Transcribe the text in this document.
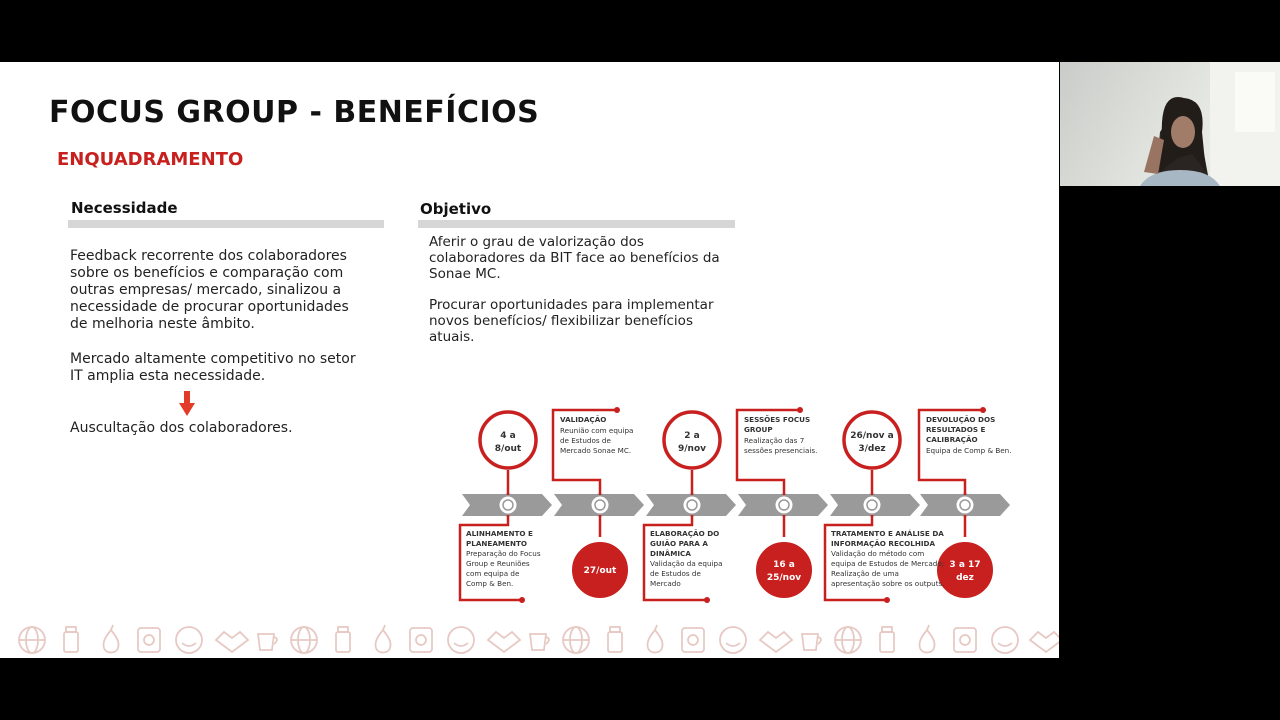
FOCUS GROUP - BENEFÍCIOS
ENQUADRAMENTO
Necessidade

Feedback recorrente dos colaboradores
sobre os benefícios e comparação com
outras empresas/ mercado, sinalizou a
necessidade de procurar oportunidades
de melhoria neste âmbito.

Mercado altamente competitivo no setor
IT amplia esta necessidade.

Auscultação dos colaboradores.

Objetivo

Aferir o grau de valorização dos
colaboradores da BIT face ao benefícios da
Sonae MC.

Procurar oportunidades para implementar
novos benefícios/ flexibilizar benefícios
atuais.

4 a
8/out
2 a
9/nov
26/nov a
3/dez
27/out
16 a
25/nov
3 a 17
dez
VALIDAÇÃO
Reunião com equipa
de Estudos de
Mercado Sonae MC.
SESSÕES FOCUS
GROUP
Realização das 7
sessões presenciais.
DEVOLUÇÃO DOS
RESULTADOS E
CALIBRAÇÃO
Equipa de Comp & Ben.
ALINHAMENTO E
PLANEAMENTO
Preparação do Focus
Group e Reuniões
com equipa de
Comp & Ben.
ELABORAÇÃO DO
GUIÃO PARA A
DINÂMICA
Validação da equipa
de Estudos de
Mercado
TRATAMENTO E ANÁLISE DA
INFORMAÇÃO RECOLHIDA
Validação do método com
equipa de Estudos de Mercado;
Realização de uma
apresentação sobre os outputs.
